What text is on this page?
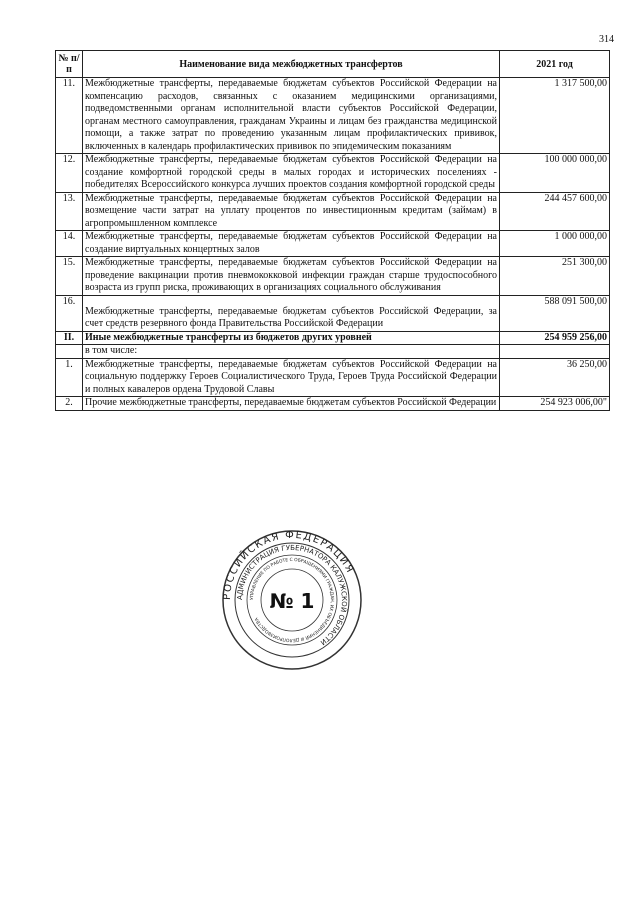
314
№ п/п	Наименование вида межбюджетных трансфертов	2021 год
11.	Межбюджетные трансферты, передаваемые бюджетам субъектов Российской Федерации на компенсацию расходов, связанных с оказанием медицинскими организациями, подведомственными органам исполнительной власти субъектов Российской Федерации, органам местного самоуправления, гражданам Украины и лицам без гражданства медицинской помощи, а также затрат по проведению указанным лицам профилактических прививок, включенных в календарь профилактических прививок по эпидемическим показаниям	1 317 500,00
12.	Межбюджетные трансферты, передаваемые бюджетам субъектов Российской Федерации на создание комфортной городской среды в малых городах и исторических поселениях - победителях Всероссийского конкурса лучших проектов создания комфортной городской среды	100 000 000,00
13.	Межбюджетные трансферты, передаваемые бюджетам субъектов Российской Федерации на возмещение части затрат на уплату процентов по инвестиционным кредитам (займам) в агропромышленном комплексе	244 457 600,00
14.	Межбюджетные трансферты, передаваемые бюджетам субъектов Российской Федерации на создание виртуальных концертных залов	1 000 000,00
15.	Межбюджетные трансферты, передаваемые бюджетам субъектов Российской Федерации на проведение вакцинации против пневмококковой инфекции граждан старше трудоспособного возраста из групп риска, проживающих в организациях социального обслуживания	251 300,00
16.	Межбюджетные трансферты, передаваемые бюджетам субъектов Российской Федерации, за счет средств резервного фонда Правительства Российской Федерации	588 091 500,00
II.	Иные межбюджетные трансферты из бюджетов других уровней	254 959 256,00
	в том числе:	
1.	Межбюджетные трансферты, передаваемые бюджетам субъектов Российской Федерации на социальную поддержку Героев Социалистического Труда, Героев Труда Российской Федерации и полных кавалеров ордена Трудовой Славы	36 250,00
2.	Прочие межбюджетные трансферты, передаваемые бюджетам субъектов Российской Федерации	254 923 006,00"
РОССИЙСКАЯ ФЕДЕРАЦИЯ
АДМИНИСТРАЦИЯ ГУБЕРНАТОРА КАЛУЖСКОЙ ОБЛАСТИ
УПРАВЛЕНИЕ ПО РАБОТЕ С ОБРАЩЕНИЯМИ ГРАЖДАН, ИХ ОБЪЕДИНЕНИЙ И ДЕЛОПРОИЗВОДСТВА
№ 1
